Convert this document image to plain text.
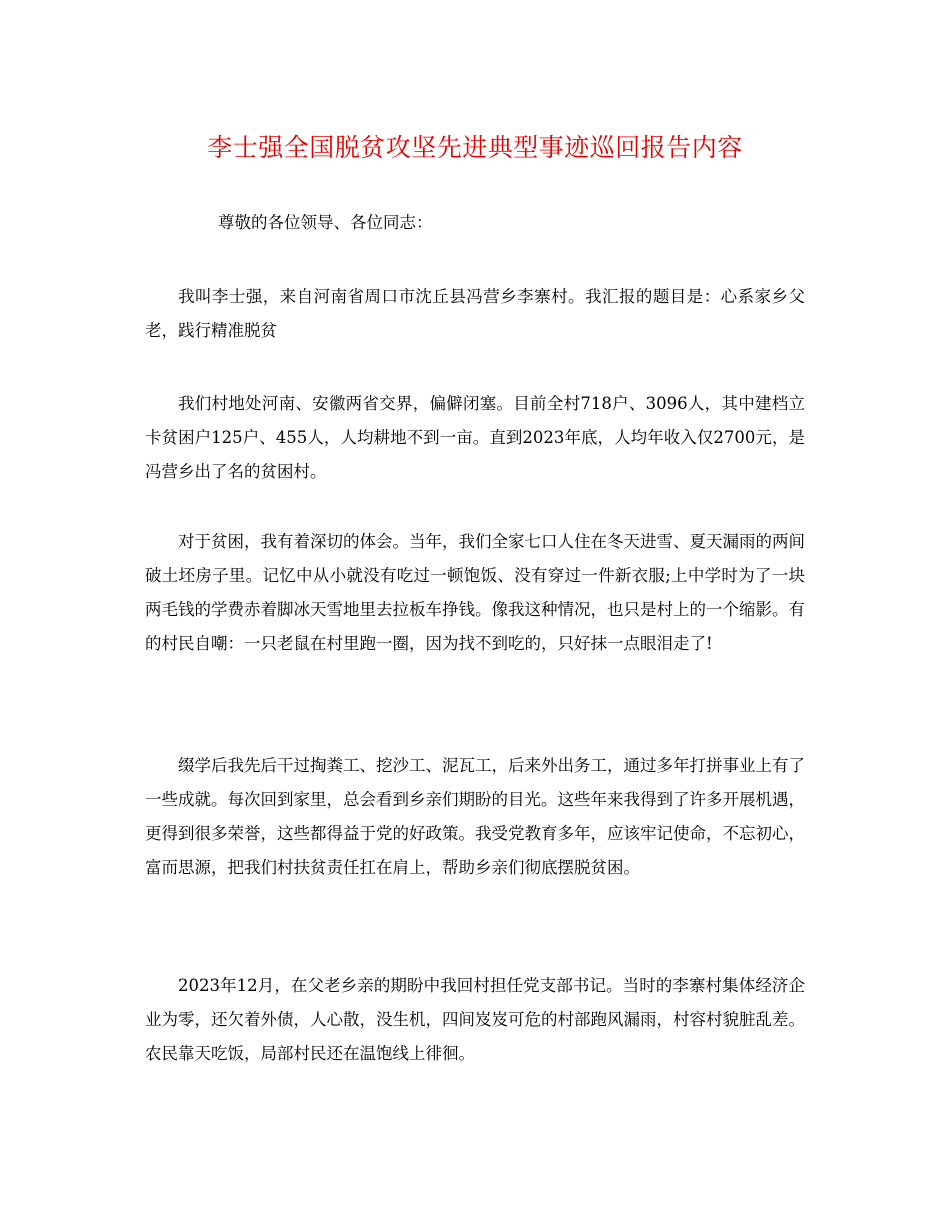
李士强全国脱贫攻坚先进典型事迹巡回报告内容
尊敬的各位领导、各位同志：

我叫李士强，来自河南省周口市沈丘县冯营乡李寨村。我汇报的题目是：心系家乡父老，践行精准脱贫

我们村地处河南、安徽两省交界，偏僻闭塞。目前全村718户、3096人，其中建档立卡贫困户125户、455人，人均耕地不到一亩。直到2023年底，人均年收入仅2700元，是冯营乡出了名的贫困村。

对于贫困，我有着深切的体会。当年，我们全家七口人住在冬天进雪、夏天漏雨的两间破土坯房子里。记忆中从小就没有吃过一顿饱饭、没有穿过一件新衣服;上中学时为了一块两毛钱的学费赤着脚冰天雪地里去拉板车挣钱。像我这种情况，也只是村上的一个缩影。有的村民自嘲：一只老鼠在村里跑一圈，因为找不到吃的，只好抹一点眼泪走了!

缀学后我先后干过掏粪工、挖沙工、泥瓦工，后来外出务工，通过多年打拼事业上有了一些成就。每次回到家里，总会看到乡亲们期盼的目光。这些年来我得到了许多开展机遇，更得到很多荣誉，这些都得益于党的好政策。我受党教育多年，应该牢记使命，不忘初心，富而思源，把我们村扶贫责任扛在肩上，帮助乡亲们彻底摆脱贫困。

2023年12月，在父老乡亲的期盼中我回村担任党支部书记。当时的李寨村集体经济企业为零，还欠着外债，人心散，没生机，四间岌岌可危的村部跑风漏雨，村容村貌脏乱差。农民靠天吃饭，局部村民还在温饱线上徘徊。
